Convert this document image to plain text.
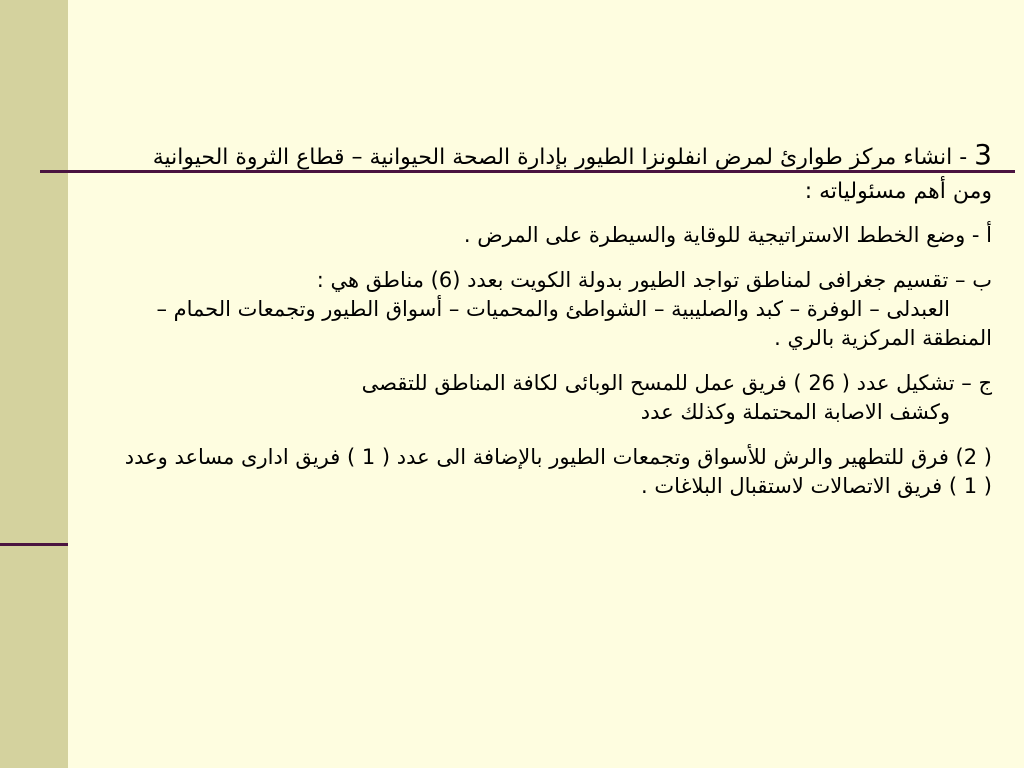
3 - انشاء مركز طوارئ لمرض انفلونزا الطيور بإدارة الصحة الحيوانية – قطاع الثروة الحيوانية ومن أهم مسئولياته :

أ - وضع الخطط الاستراتيجية للوقاية والسيطرة على المرض .

ب – تقسيم جغرافى لمناطق تواجد الطيور بدولة الكويت بعدد (6) مناطق هي :
العبدلى – الوفرة – كبد والصليبية – الشواطئ والمحميات – أسواق الطيور وتجمعات الحمام – المنطقة المركزية بالري .

ج – تشكيل عدد ( 26 ) فريق عمل للمسح الوبائى لكافة المناطق للتقصى
وكشف الاصابة المحتملة وكذلك عدد

( 2) فرق للتطهير والرش للأسواق وتجمعات الطيور بالإضافة الى عدد ( 1 ) فريق ادارى مساعد وعدد ( 1 ) فريق الاتصالات لاستقبال البلاغات .
